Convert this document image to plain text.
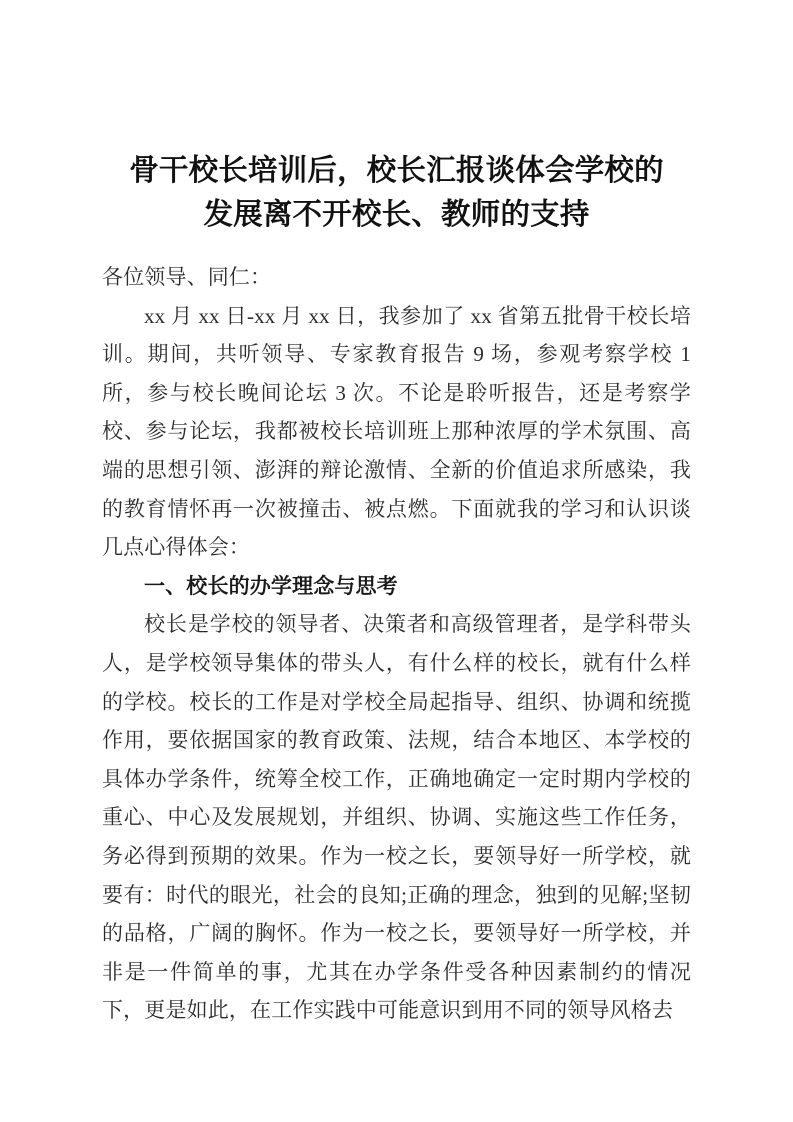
骨干校长培训后，校长汇报谈体会学校的
发展离不开校长、教师的支持

各位领导、同仁：

xx 月 xx 日-xx 月 xx 日，我参加了 xx 省第五批骨干校长培训。期间，共听领导、专家教育报告 9 场，参观考察学校 1 所，参与校长晚间论坛 3 次。不论是聆听报告，还是考察学校、参与论坛，我都被校长培训班上那种浓厚的学术氛围、高端的思想引领、澎湃的辩论激情、全新的价值追求所感染，我的教育情怀再一次被撞击、被点燃。下面就我的学习和认识谈几点心得体会：

一、校长的办学理念与思考

校长是学校的领导者、决策者和高级管理者，是学科带头人，是学校领导集体的带头人，有什么样的校长，就有什么样的学校。校长的工作是对学校全局起指导、组织、协调和统揽作用，要依据国家的教育政策、法规，结合本地区、本学校的具体办学条件，统筹全校工作，正确地确定一定时期内学校的重心、中心及发展规划，并组织、协调、实施这些工作任务，务必得到预期的效果。作为一校之长，要领导好一所学校，就要有：时代的眼光，社会的良知;正确的理念，独到的见解;坚韧的品格，广阔的胸怀。作为一校之长，要领导好一所学校，并非是一件简单的事，尤其在办学条件受各种因素制约的情况下，更是如此，在工作实践中可能意识到用不同的领导风格去
